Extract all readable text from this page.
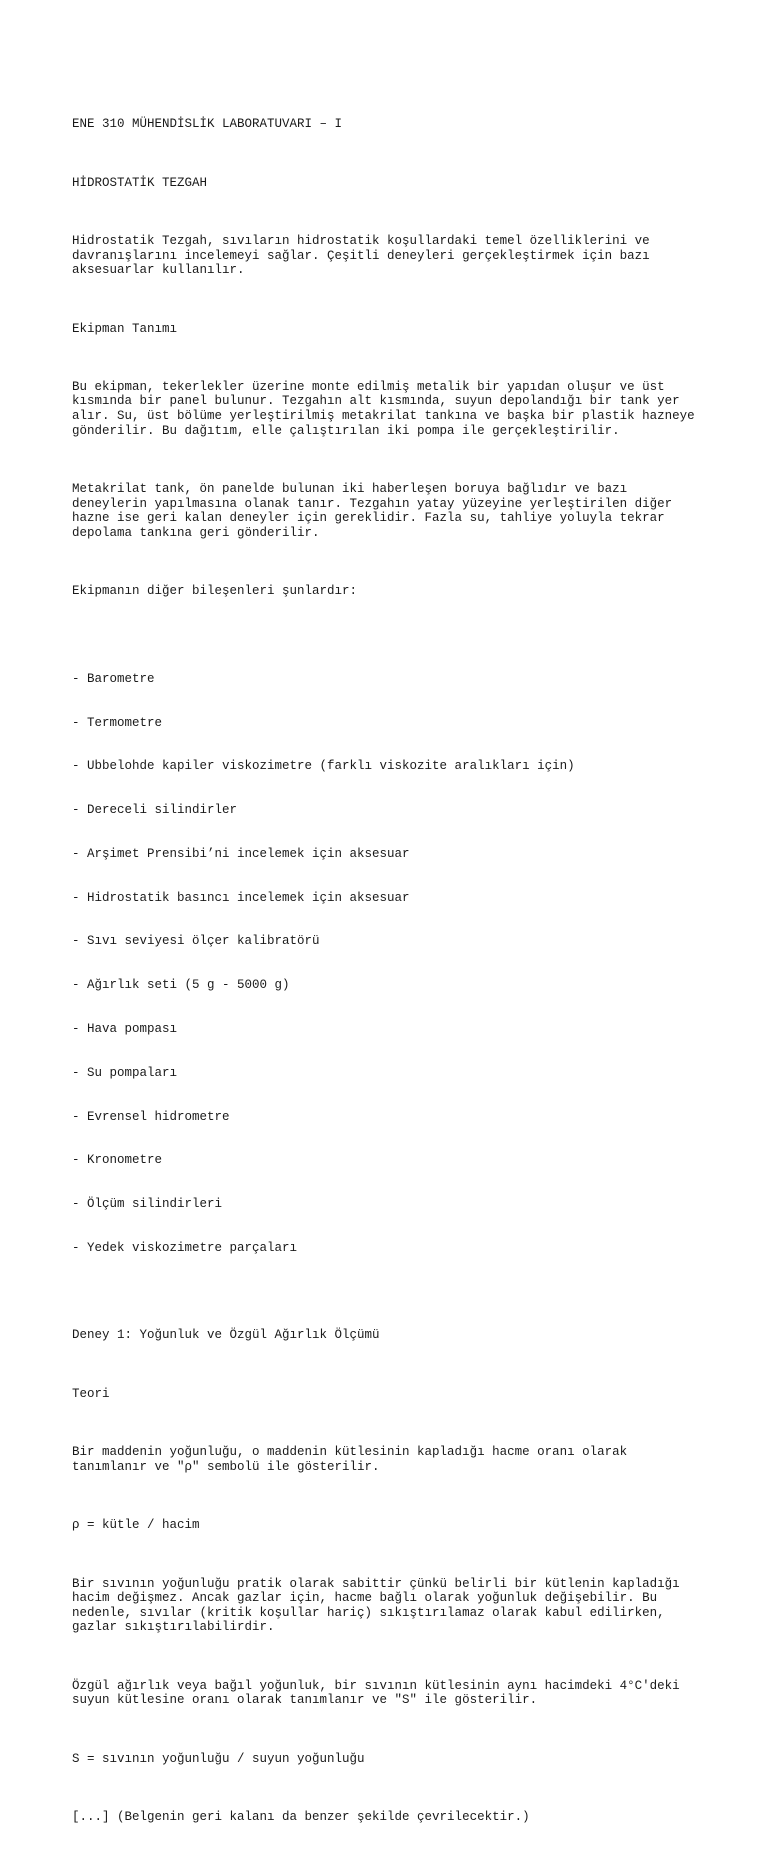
ENE 310 MÜHENDİSLİK LABORATUVARI – I

HİDROSTATİK TEZGAH

Hidrostatik Tezgah, sıvıların hidrostatik koşullardaki temel özelliklerini ve
davranışlarını incelemeyi sağlar. Çeşitli deneyleri gerçekleştirmek için bazı
aksesuarlar kullanılır.

Ekipman Tanımı

Bu ekipman, tekerlekler üzerine monte edilmiş metalik bir yapıdan oluşur ve üst
kısmında bir panel bulunur. Tezgahın alt kısmında, suyun depolandığı bir tank yer
alır. Su, üst bölüme yerleştirilmiş metakrilat tankına ve başka bir plastik hazneye
gönderilir. Bu dağıtım, elle çalıştırılan iki pompa ile gerçekleştirilir.

Metakrilat tank, ön panelde bulunan iki haberleşen boruya bağlıdır ve bazı
deneylerin yapılmasına olanak tanır. Tezgahın yatay yüzeyine yerleştirilen diğer
hazne ise geri kalan deneyler için gereklidir. Fazla su, tahliye yoluyla tekrar
depolama tankına geri gönderilir.

Ekipmanın diğer bileşenleri şunlardır:

- Barometre

- Termometre

- Ubbelohde kapiler viskozimetre (farklı viskozite aralıkları için)

- Dereceli silindirler

- Arşimet Prensibi’ni incelemek için aksesuar

- Hidrostatik basıncı incelemek için aksesuar

- Sıvı seviyesi ölçer kalibratörü

- Ağırlık seti (5 g - 5000 g)

- Hava pompası

- Su pompaları

- Evrensel hidrometre

- Kronometre

- Ölçüm silindirleri

- Yedek viskozimetre parçaları

Deney 1: Yoğunluk ve Özgül Ağırlık Ölçümü

Teori

Bir maddenin yoğunluğu, o maddenin kütlesinin kapladığı hacme oranı olarak
tanımlanır ve "ρ" sembolü ile gösterilir.

ρ = kütle / hacim

Bir sıvının yoğunluğu pratik olarak sabittir çünkü belirli bir kütlenin kapladığı
hacim değişmez. Ancak gazlar için, hacme bağlı olarak yoğunluk değişebilir. Bu
nedenle, sıvılar (kritik koşullar hariç) sıkıştırılamaz olarak kabul edilirken,
gazlar sıkıştırılabilirdir.

Özgül ağırlık veya bağıl yoğunluk, bir sıvının kütlesinin aynı hacimdeki 4°C'deki
suyun kütlesine oranı olarak tanımlanır ve "S" ile gösterilir.

S = sıvının yoğunluğu / suyun yoğunluğu

[...] (Belgenin geri kalanı da benzer şekilde çevrilecektir.)
